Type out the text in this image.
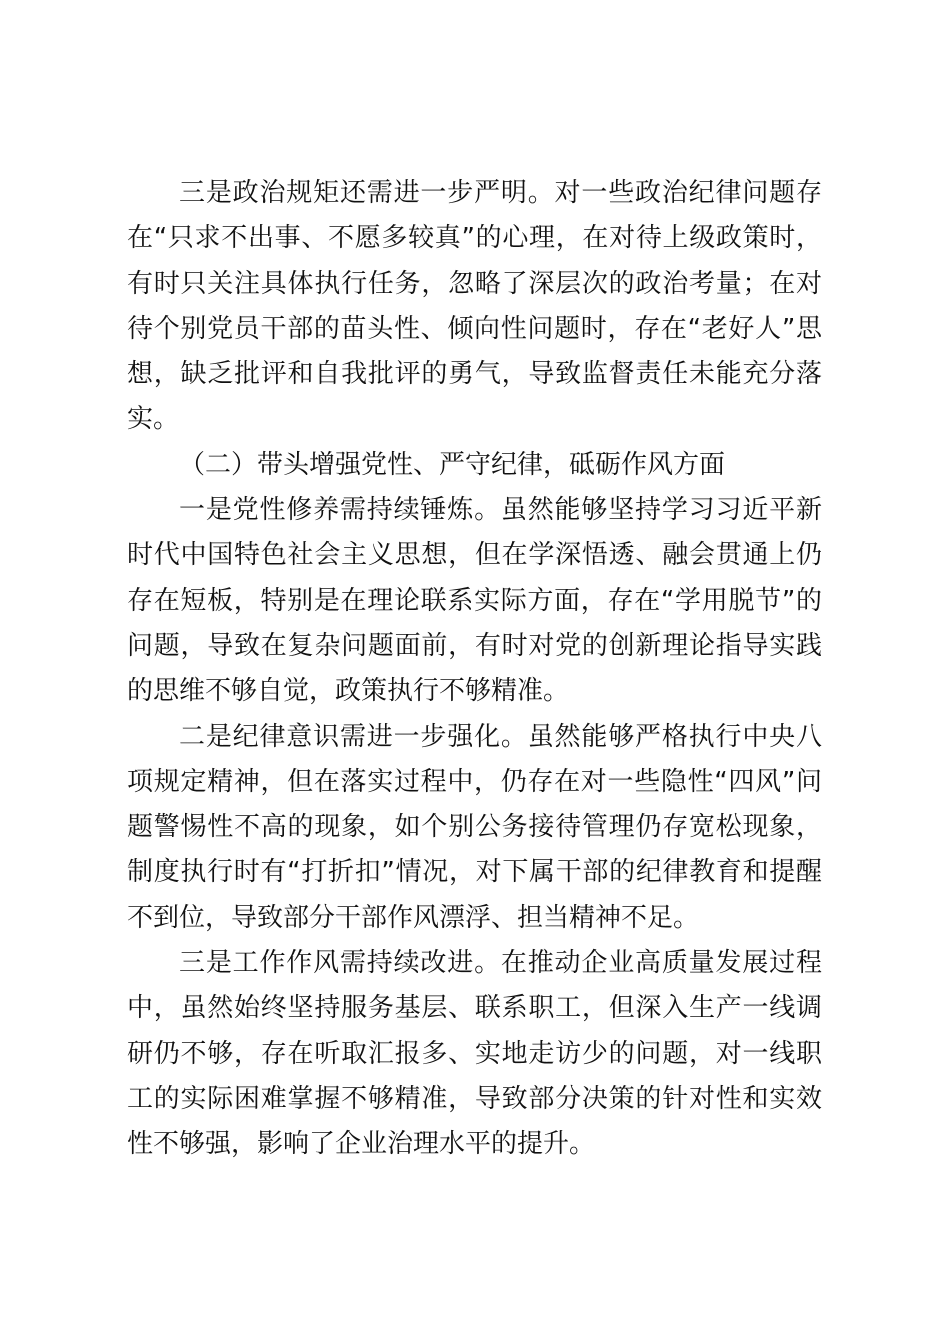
三是政治规矩还需进一步严明。对一些政治纪律问题存在“只求不出事、不愿多较真”的心理，在对待上级政策时，有时只关注具体执行任务，忽略了深层次的政治考量；在对待个别党员干部的苗头性、倾向性问题时，存在“老好人”思想，缺乏批评和自我批评的勇气，导致监督责任未能充分落实。

（二）带头增强党性、严守纪律，砥砺作风方面

一是党性修养需持续锤炼。虽然能够坚持学习习近平新时代中国特色社会主义思想，但在学深悟透、融会贯通上仍存在短板，特别是在理论联系实际方面，存在“学用脱节”的问题，导致在复杂问题面前，有时对党的创新理论指导实践的思维不够自觉，政策执行不够精准。

二是纪律意识需进一步强化。虽然能够严格执行中央八项规定精神，但在落实过程中，仍存在对一些隐性“四风”问题警惕性不高的现象，如个别公务接待管理仍存宽松现象，制度执行时有“打折扣”情况，对下属干部的纪律教育和提醒不到位，导致部分干部作风漂浮、担当精神不足。

三是工作作风需持续改进。在推动企业高质量发展过程中，虽然始终坚持服务基层、联系职工，但深入生产一线调研仍不够，存在听取汇报多、实地走访少的问题，对一线职工的实际困难掌握不够精准，导致部分决策的针对性和实效性不够强，影响了企业治理水平的提升。
